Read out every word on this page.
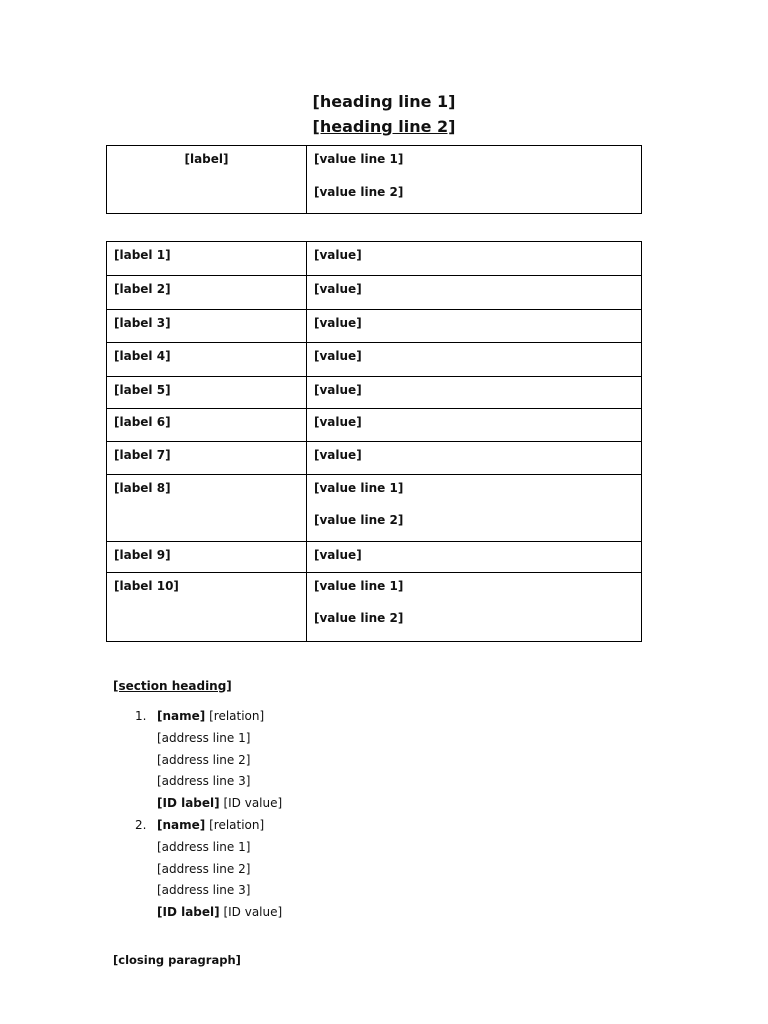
[heading line 1]
[heading line 2]
[label]	[value line 1]
[value line 2]
[label 1]	[value]
[label 2]	[value]
[label 3]	[value]
[label 4]	[value]
[label 5]	[value]
[label 6]	[value]
[label 7]	[value]
[label 8]	[value line 1]
[value line 2]

[label 9]	[value]
[label 10]	[value line 1]
[value line 2]
[section heading]
1. [name] [relation]
[address line 1]
[address line 2]
[address line 3]
[ID label] [ID value]
2. [name] [relation]
[address line 1]
[address line 2]
[address line 3]
[ID label] [ID value]
[closing paragraph]
